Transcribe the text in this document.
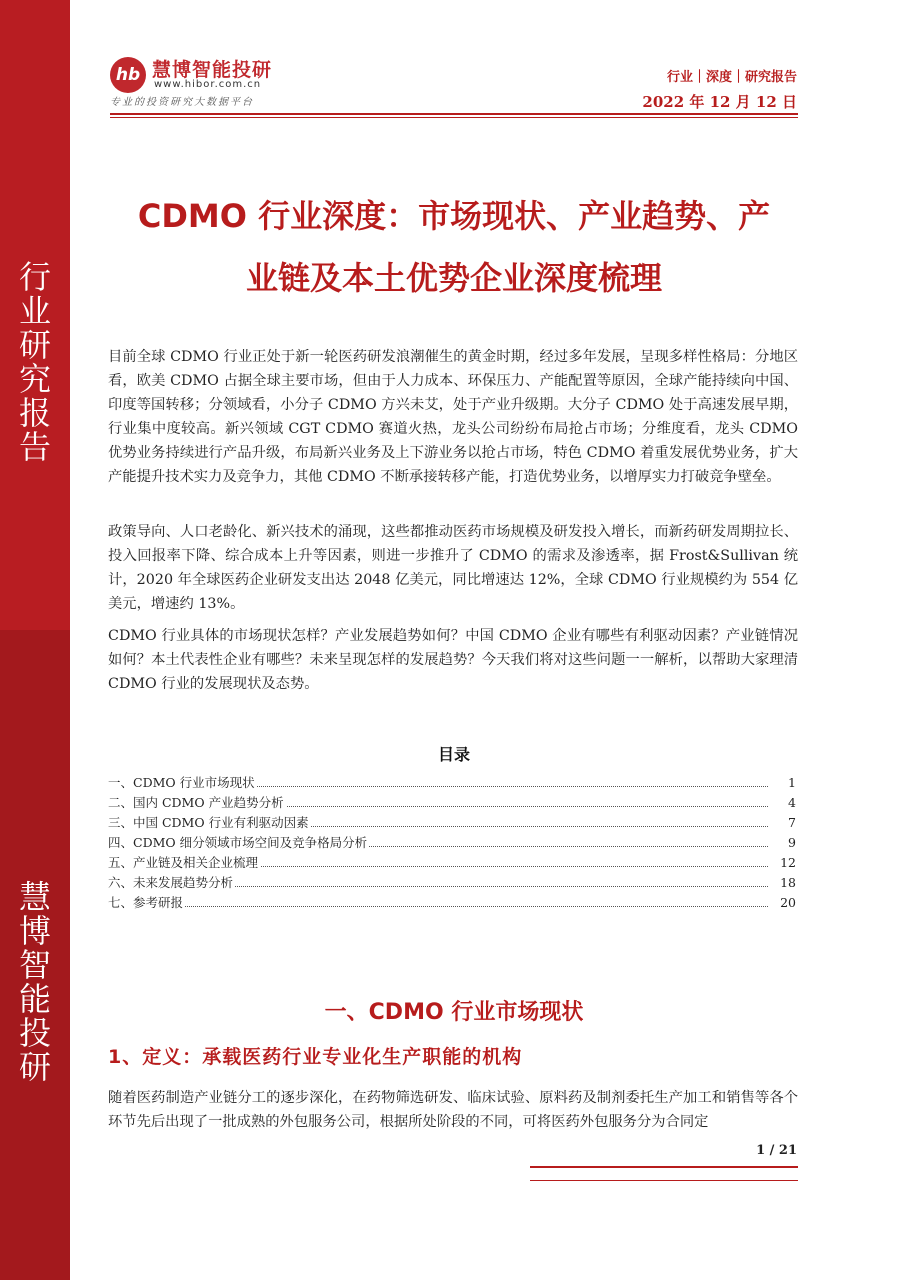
行
业
研
究
报
告
慧
博
智
能
投
研
hb 慧博智能投研
www.hibor.com.cn
专业的投资研究大数据平台
行业｜深度｜研究报告
2022 年 12 月 12 日
CDMO 行业深度：市场现状、产业趋势、产
业链及本土优势企业深度梳理
目前全球 CDMO 行业正处于新一轮医药研发浪潮催生的黄金时期，经过多年发展，呈现多样性格局：分地区看，欧美 CDMO 占据全球主要市场，但由于人力成本、环保压力、产能配置等原因，全球产能持续向中国、印度等国转移；分领域看，小分子 CDMO 方兴未艾，处于产业升级期。大分子 CDMO 处于高速发展早期，行业集中度较高。新兴领域 CGT CDMO 赛道火热，龙头公司纷纷布局抢占市场；分维度看，龙头 CDMO 优势业务持续进行产品升级，布局新兴业务及上下游业务以抢占市场，特色 CDMO 着重发展优势业务，扩大产能提升技术实力及竞争力，其他 CDMO 不断承接转移产能，打造优势业务，以增厚实力打破竞争壁垒。
政策导向、人口老龄化、新兴技术的涌现，这些都推动医药市场规模及研发投入增长，而新药研发周期拉长、投入回报率下降、综合成本上升等因素，则进一步推升了 CDMO 的需求及渗透率，据 Frost&Sullivan 统计，2020 年全球医药企业研发支出达 2048 亿美元，同比增速达 12%，全球 CDMO 行业规模约为 554 亿美元，增速约 13%。
CDMO 行业具体的市场现状怎样？产业发展趋势如何？中国 CDMO 企业有哪些有利驱动因素？产业链情况如何？本土代表性企业有哪些？未来呈现怎样的发展趋势？今天我们将对这些问题一一解析，以帮助大家理清 CDMO 行业的发展现状及态势。
目录
一、CDMO 行业市场现状	1
二、国内 CDMO 产业趋势分析	4
三、中国 CDMO 行业有利驱动因素	7
四、CDMO 细分领域市场空间及竞争格局分析	9
五、产业链及相关企业梳理	12
六、未来发展趋势分析	18
七、参考研报	20
一、CDMO 行业市场现状
1、定义：承载医药行业专业化生产职能的机构
随着医药制造产业链分工的逐步深化，在药物筛选研发、临床试验、原料药及制剂委托生产加工和销售等各个环节先后出现了一批成熟的外包服务公司，根据所处阶段的不同，可将医药外包服务分为合同定
1 / 21
